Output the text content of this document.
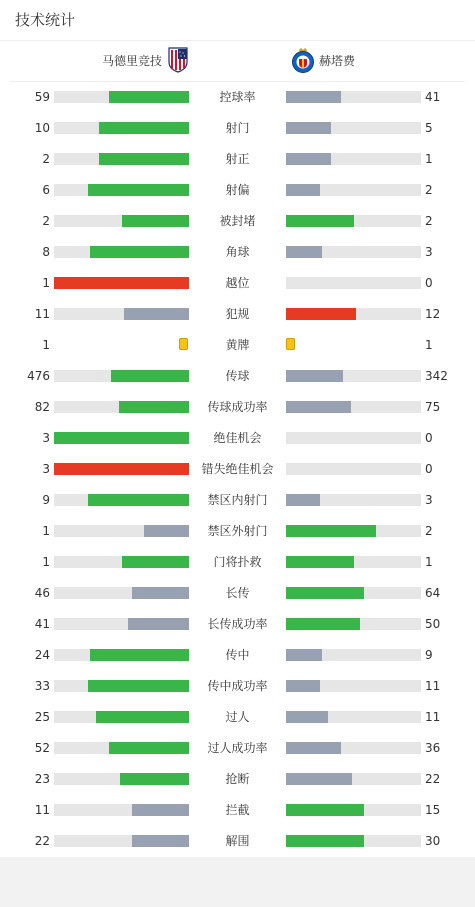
技术统计
马德里竞技	赫塔费
59	控球率	41
10	射门	5
2	射正	1
6	射偏	2
2	被封堵	2
8	角球	3
1	越位	0
11	犯规	12
1	黄牌	1
476	传球	342
82	传球成功率	75
3	绝佳机会	0
3	错失绝佳机会	0
9	禁区内射门	3
1	禁区外射门	2
1	门将扑救	1
46	长传	64
41	长传成功率	50
24	传中	9
33	传中成功率	11
25	过人	11
52	过人成功率	36
23	抢断	22
11	拦截	15
22	解围	30
